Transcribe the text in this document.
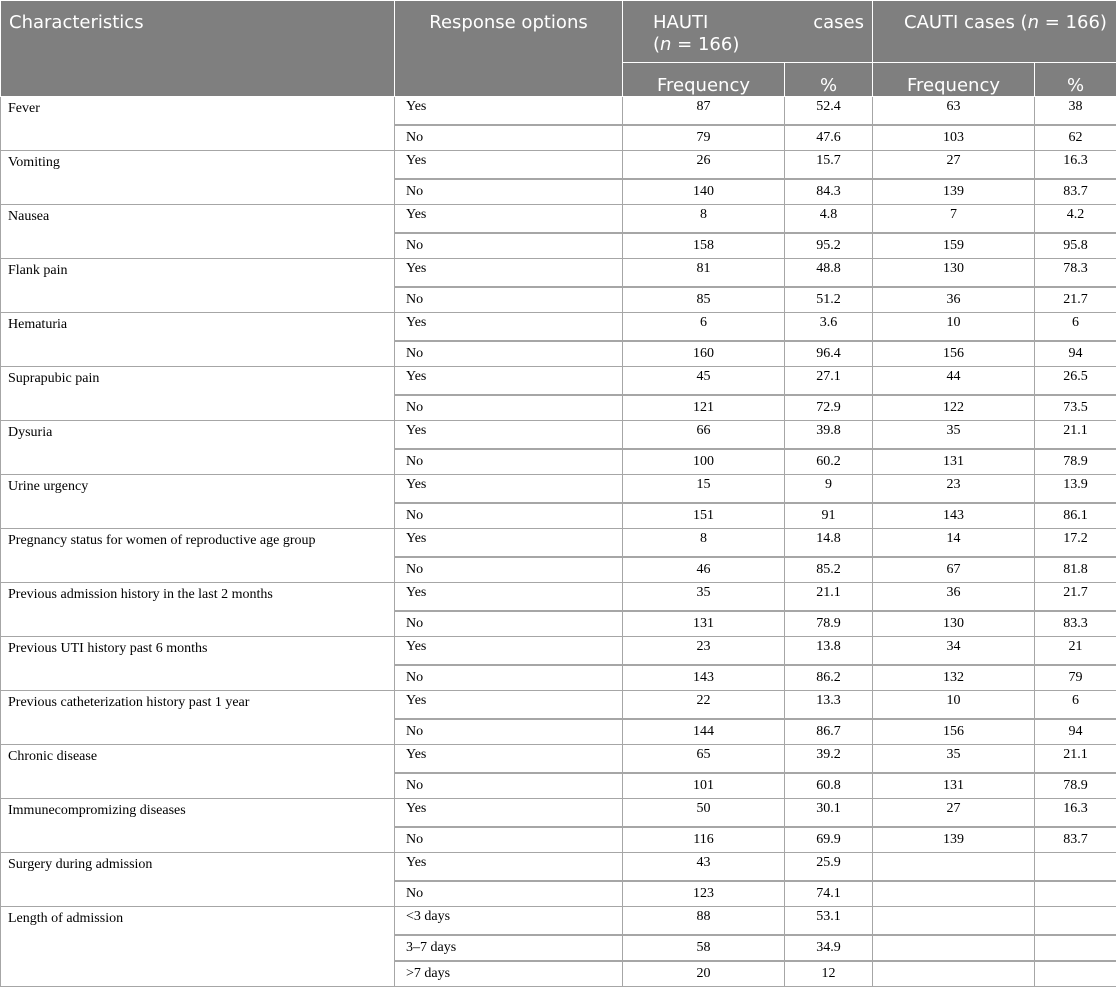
Characteristics	Response options	HAUTI cases
(n = 166)		CAUTI cases (n = 166)	
		Frequency	%	Frequency	%
Fever	Yes	87	52.4	63	38
	No	79	47.6	103	62
Vomiting	Yes	26	15.7	27	16.3
	No	140	84.3	139	83.7
Nausea	Yes	8	4.8	7	4.2
	No	158	95.2	159	95.8
Flank pain	Yes	81	48.8	130	78.3
	No	85	51.2	36	21.7
Hematuria	Yes	6	3.6	10	6
	No	160	96.4	156	94
Suprapubic pain	Yes	45	27.1	44	26.5
	No	121	72.9	122	73.5
Dysuria	Yes	66	39.8	35	21.1
	No	100	60.2	131	78.9
Urine urgency	Yes	15	9	23	13.9
	No	151	91	143	86.1
Pregnancy status for women of reproductive age group	Yes	8	14.8	14	17.2
	No	46	85.2	67	81.8
Previous admission history in the last 2 months	Yes	35	21.1	36	21.7
	No	131	78.9	130	83.3
Previous UTI history past 6 months	Yes	23	13.8	34	21
	No	143	86.2	132	79
Previous catheterization history past 1 year	Yes	22	13.3	10	6
	No	144	86.7	156	94
Chronic disease	Yes	65	39.2	35	21.1
	No	101	60.8	131	78.9
Immunecompromizing diseases	Yes	50	30.1	27	16.3
	No	116	69.9	139	83.7
Surgery during admission	Yes	43	25.9		
	No	123	74.1		
Length of admission	<3 days	88	53.1		
	3–7 days	58	34.9		
	>7 days	20	12		
